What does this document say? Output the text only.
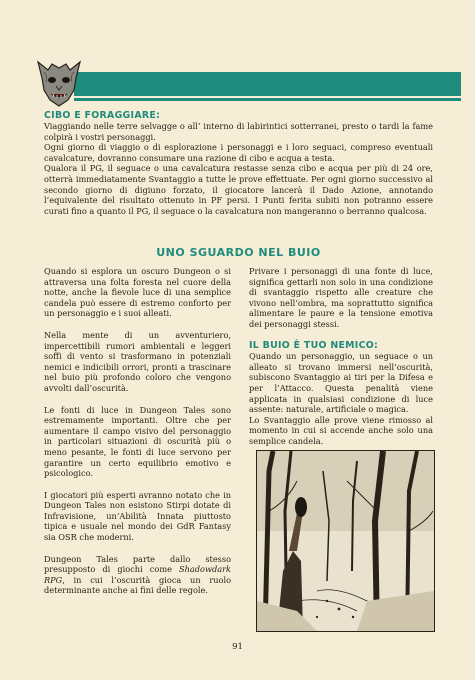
CIBO E FORAGGIARE:

Viaggiando nelle terre selvagge o all’ interno di labirintici sotterranei, presto o tardi la fame colpirà i vostri personaggi.

Ogni giorno di viaggio o di esplorazione i personaggi e i loro seguaci, compreso eventuali cavalcature, dovranno consumare una razione di cibo e acqua a testa.

Qualora il PG, il seguace o una cavalcatura restasse senza cibo e acqua per più di 24 ore, otterrà immediatamente Svantaggio a tutte le prove effettuate. Per ogni giorno successivo al secondo giorno di digiuno forzato, il giocatore lancerà il Dado Azione, annotando l’equivalente del risultato ottenuto in PF persi. I Punti ferita subiti non potranno essere curati fino a quanto il PG, il seguace o la cavalcatura non mangeranno o berranno qualcosa.

UNO SGUARDO NEL BUIO

Quando si esplora un oscuro Dungeon o si attraversa una folta foresta nel cuore della notte, anche la fievole luce di una semplice candela può essere di estremo conforto per un personaggio e i suoi alleati.

Nella mente di un avventuriero, impercettibili rumori ambientali e leggeri soffi di vento si trasformano in potenziali nemici e indicibili orrori, pronti a trascinare nel buio più profondo coloro che vengono avvolti dall’oscurità.

Le fonti di luce in Dungeon Tales sono estremamente importanti. Oltre che per aumentare il campo visivo del personaggio in particolari situazioni di oscurità più o meno pesante, le fonti di luce servono per garantire un certo equilibrio emotivo e psicologico.

I giocatori più esperti avranno notato che in Dungeon Tales non esistono Stirpi dotate di Infravisione, un’Abilità Innata piuttosto tipica e usuale nel mondo dei GdR Fantasy sia OSR che moderni.

Dungeon Tales parte dallo stesso presupposto di giochi come Shadowdark RPG, in cui l’oscurità gioca un ruolo determinante anche ai fini delle regole.

Privare i personaggi di una fonte di luce, significa gettarli non solo in una condizione di svantaggio rispetto alle creature che vivono nell’ombra, ma soprattutto significa alimentare le paure e la tensione emotiva dei personaggi stessi.

IL BUIO È TUO NEMICO:

Quando un personaggio, un seguace o un alleato si trovano immersi nell’oscurità, subiscono Svantaggio ai tiri per la Difesa e per l’Attacco. Questa penalità viene applicata in qualsiasi condizione di luce assente: naturale, artificiale o magica.

Lo Svantaggio alle prove viene rimosso al momento in cui si accende anche solo una semplice candela.

91
